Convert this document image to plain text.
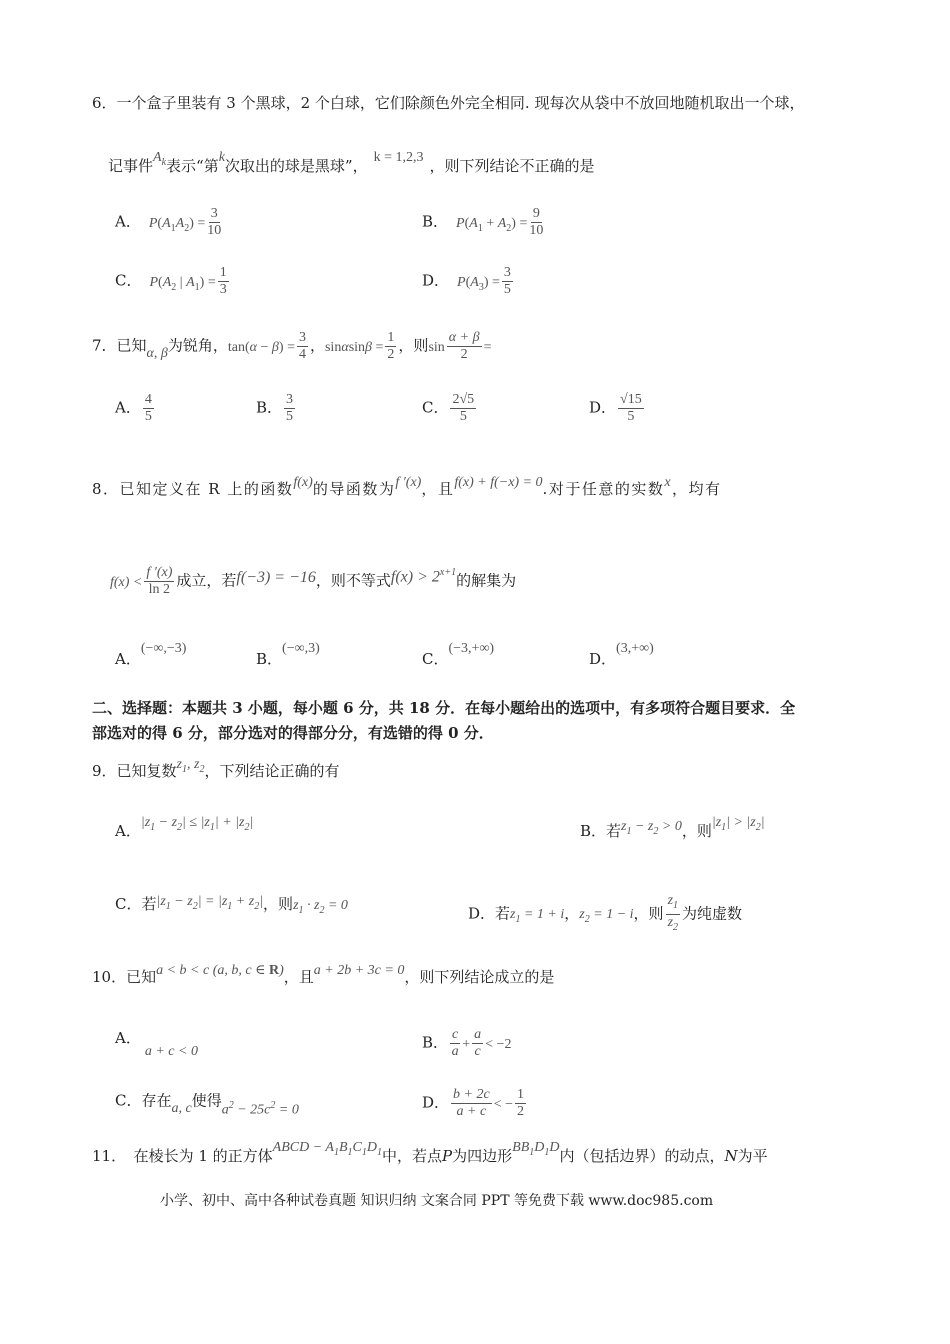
6．一个盒子里装有 3 个黑球，2 个白球，它们除颜色外完全相同. 现每次从袋中不放回地随机取出一个球，
记事件$A_k$表示“第k次取出的球是黑球”， k = 1,2,3 ，则下列结论不正确的是
A． $P(A_1A_2) = \frac{3}{10}$	B． $P(A_1 + A_2) = \frac{9}{10}$
C． $P(A_2$ | $A_1) = \frac{1}{3}$	D． $P(A_3) = \frac{3}{5}$
7．已知α, β为锐角，$\tan(\alpha - \beta) = \frac{3}{4}$ ，$\sin\alpha\sin\beta = \frac{1}{2}$ ，则$\sin \frac{\alpha + \beta}{2}$ =
A． $\frac{4}{5}$	B． $\frac{3}{5}$	C． $\frac{2√5}{5}$	D． $\frac{√15}{5}$
8．已知定义在 R 上的函数f(x)的导函数为f ′(x)，且f(x) + f(−x) = 0.对于任意的实数x，均有
$f(x) < \frac{f '(x)}{\ln 2}$ 成立，若f(−3) = −16，则不等式$f(x) > 2^{x+1}$的解集为
A．(−∞,−3)
B．(−∞,3)
C．(−3,+∞)
D．(3,+∞)
二、选择题：本题共 3 小题，每小题 6 分，共 18 分．在每小题给出的选项中，有多项符合题目要求．全
部选对的得 6 分，部分选对的得部分分，有选错的得 0 分．
9．已知复数$z_1$, $z_2$，下列结论正确的有
A．$|z_1 - z_2| \le |z_1| + |z_2|$	B．若$z_1 - z_2 > 0$，则$|z_1| > |z_2|$
C．若$|z_1 - z_2| = |z_1 + z_2|$，则$z_1 \cdot z_2 = 0$	D．若$z_1 = 1 + i$，$z_2 = 1 - i$，则 $\frac{z_1}{z_2}$ 为纯虚数
10．已知a < b < c (a, b, c ∈ R)，且a + 2b + 3c = 0，则下列结论成立的是
A．a + c < 0	B． $\frac{c}{a} + \frac{a}{c} < -2$
C．存在a, c使得$a^2 - 25c^2 = 0$	D． $\frac{b + 2c}{a + c}$ < − $\frac{1}{2}$
11．　在棱长为 1 的正方体ABCD − $A_1B_1C_1D_1$中，若点P为四边形$BB_1D_1D$内（包括边界）的动点，N为平
小学、初中、高中各种试卷真题 知识归纳 文案合同 PPT 等免费下载 www.doc985.com
